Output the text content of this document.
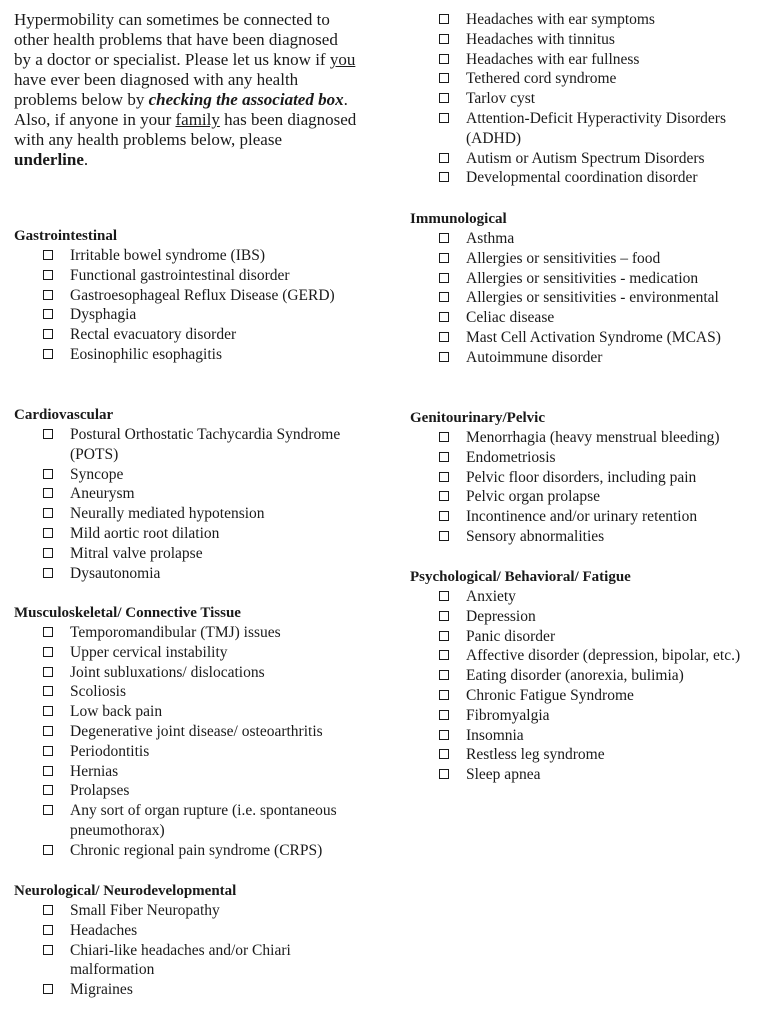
Hypermobility can sometimes be connected to other health problems that have been diagnosed by a doctor or specialist. Please let us know if you have ever been diagnosed with any health problems below by checking the associated box. Also, if anyone in your family has been diagnosed with any health problems below, please underline.
Gastrointestinal
Irritable bowel syndrome (IBS)
Functional gastrointestinal disorder
Gastroesophageal Reflux Disease (GERD)
Dysphagia
Rectal evacuatory disorder
Eosinophilic esophagitis
Cardiovascular
Postural Orthostatic Tachycardia Syndrome (POTS)
Syncope
Aneurysm
Neurally mediated hypotension
Mild aortic root dilation
Mitral valve prolapse
Dysautonomia
Musculoskeletal/ Connective Tissue
Temporomandibular (TMJ) issues
Upper cervical instability
Joint subluxations/ dislocations
Scoliosis
Low back pain
Degenerative joint disease/ osteoarthritis
Periodontitis
Hernias
Prolapses
Any sort of organ rupture (i.e. spontaneous pneumothorax)
Chronic regional pain syndrome (CRPS)
Neurological/ Neurodevelopmental
Small Fiber Neuropathy
Headaches
Chiari-like headaches and/or Chiari malformation
Migraines
Headaches with ear symptoms
Headaches with tinnitus
Headaches with ear fullness
Tethered cord syndrome
Tarlov cyst
Attention-Deficit Hyperactivity Disorders (ADHD)
Autism or Autism Spectrum Disorders
Developmental coordination disorder
Immunological
Asthma
Allergies or sensitivities – food
Allergies or sensitivities - medication
Allergies or sensitivities - environmental
Celiac disease
Mast Cell Activation Syndrome (MCAS)
Autoimmune disorder
Genitourinary/Pelvic
Menorrhagia (heavy menstrual bleeding)
Endometriosis
Pelvic floor disorders, including pain
Pelvic organ prolapse
Incontinence and/or urinary retention
Sensory abnormalities
Psychological/ Behavioral/ Fatigue
Anxiety
Depression
Panic disorder
Affective disorder (depression, bipolar, etc.)
Eating disorder (anorexia, bulimia)
Chronic Fatigue Syndrome
Fibromyalgia
Insomnia
Restless leg syndrome
Sleep apnea
